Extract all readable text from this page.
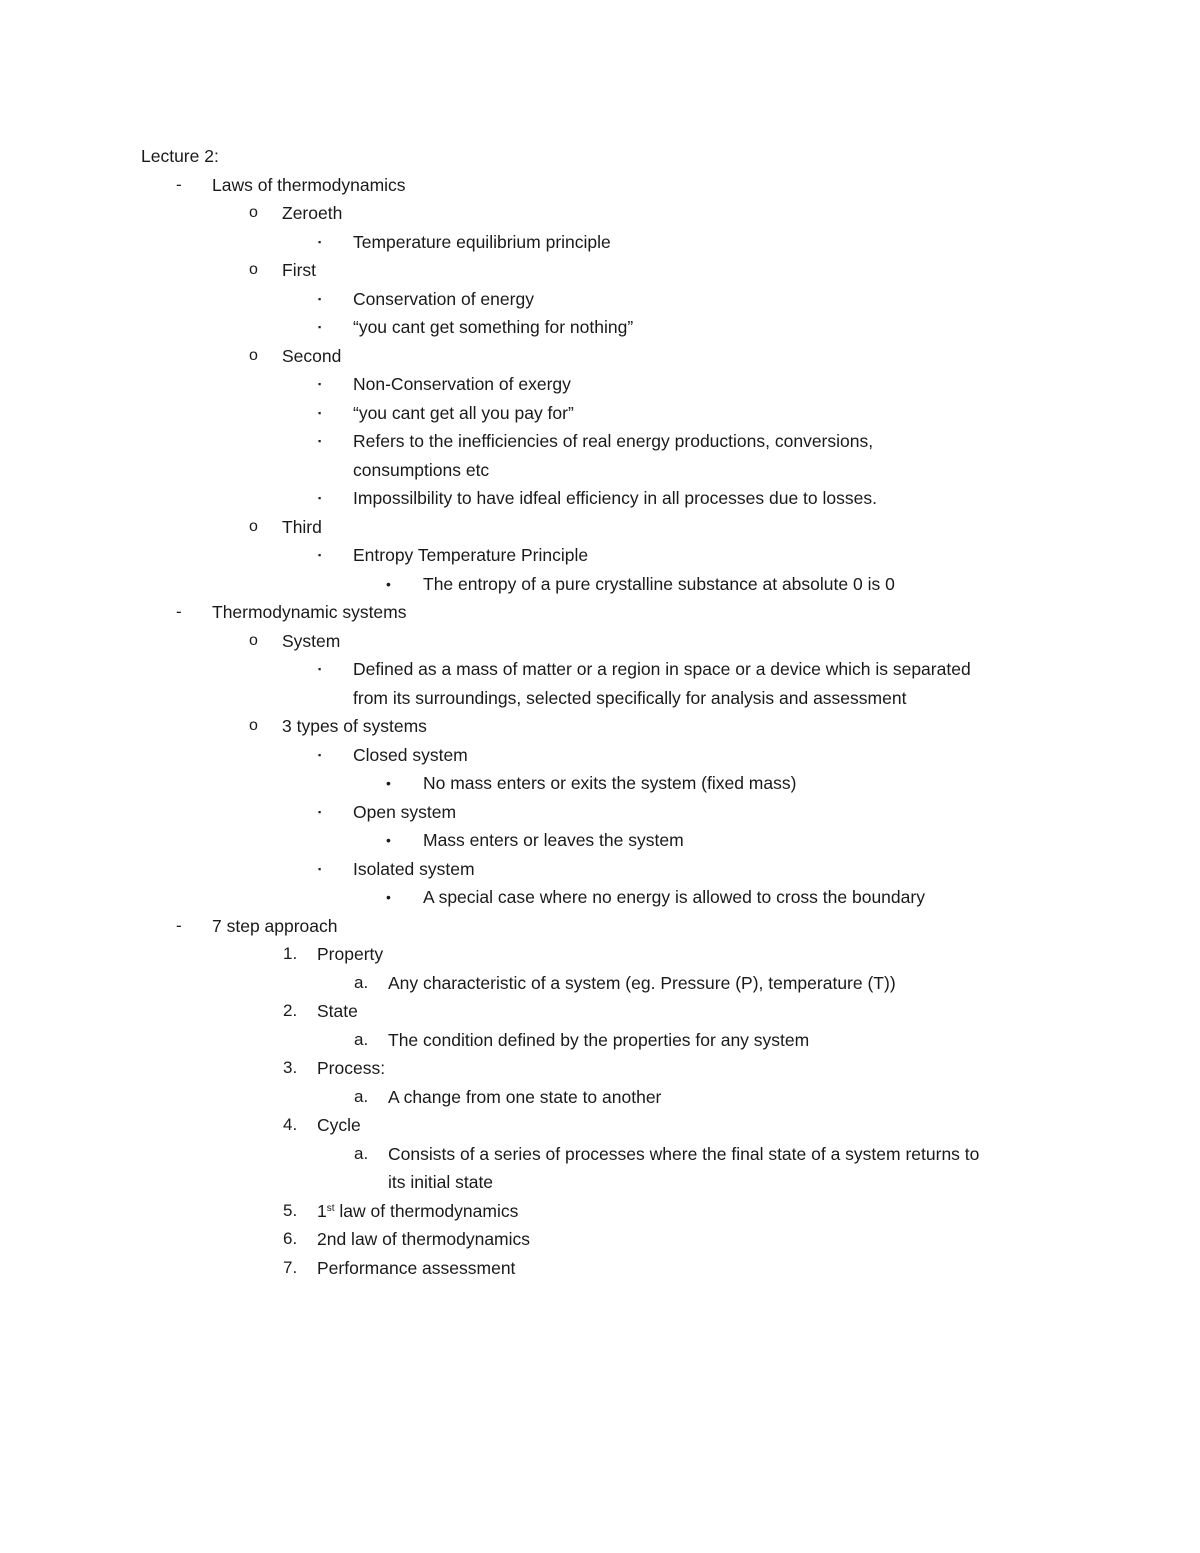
Lecture 2:
- Laws of thermodynamics
o Zeroeth
▪ Temperature equilibrium principle
o First
▪ Conservation of energy
▪ “you cant get something for nothing”
o Second
▪ Non-Conservation of exergy
▪ “you cant get all you pay for”
▪ Refers to the inefficiencies of real energy productions, conversions,
consumptions etc
▪ Impossilbility to have idfeal efficiency in all processes due to losses.
o Third
▪ Entropy Temperature Principle
• The entropy of a pure crystalline substance at absolute 0 is 0
- Thermodynamic systems
o System
▪ Defined as a mass of matter or a region in space or a device which is separated
from its surroundings, selected specifically for analysis and assessment
o 3 types of systems
▪ Closed system
• No mass enters or exits the system (fixed mass)
▪ Open system
• Mass enters or leaves the system
▪ Isolated system
• A special case where no energy is allowed to cross the boundary
- 7 step approach
1. Property
a. Any characteristic of a system (eg. Pressure (P), temperature (T))
2. State
a. The condition defined by the properties for any system
3. Process:
a. A change from one state to another
4. Cycle
a. Consists of a series of processes where the final state of a system returns to
its initial state
5. 1st law of thermodynamics
6. 2nd law of thermodynamics
7. Performance assessment
